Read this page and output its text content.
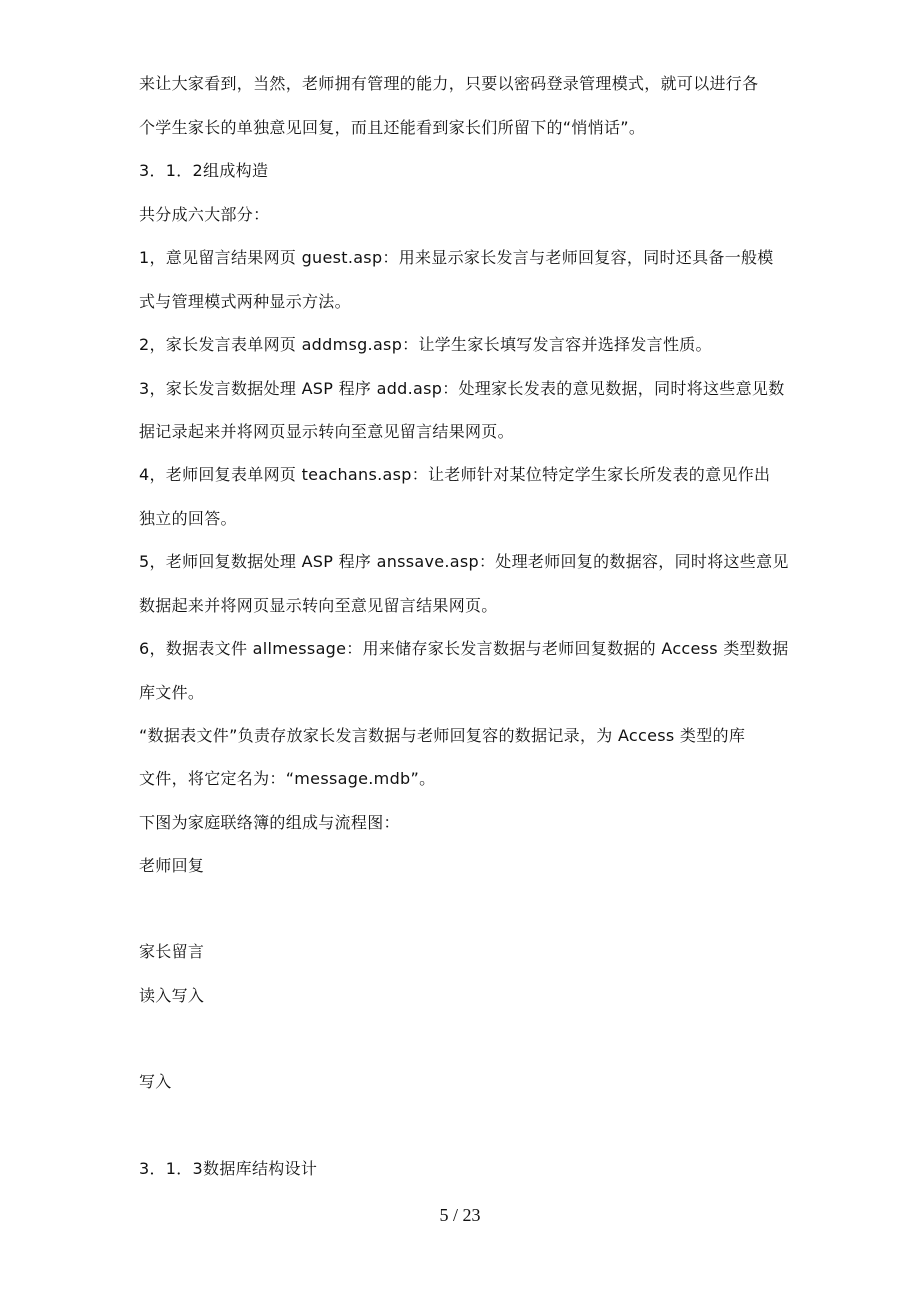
来让大家看到，当然，老师拥有管理的能力，只要以密码登录管理模式，就可以进行各
个学生家长的单独意见回复，而且还能看到家长们所留下的“悄悄话”。
3．1．2组成构造
共分成六大部分：
1，意见留言结果网页 guest.asp：用来显示家长发言与老师回复容，同时还具备一般模
式与管理模式两种显示方法。
2，家长发言表单网页 addmsg.asp：让学生家长填写发言容并选择发言性质。
3，家长发言数据处理 ASP 程序 add.asp：处理家长发表的意见数据，同时将这些意见数
据记录起来并将网页显示转向至意见留言结果网页。
4，老师回复表单网页 teachans.asp：让老师针对某位特定学生家长所发表的意见作出
独立的回答。
5，老师回复数据处理 ASP 程序 anssave.asp：处理老师回复的数据容，同时将这些意见
数据起来并将网页显示转向至意见留言结果网页。
6，数据表文件 allmessage：用来储存家长发言数据与老师回复数据的 Access 类型数据
库文件。
“数据表文件”负责存放家长发言数据与老师回复容的数据记录，为 Access 类型的库
文件，将它定名为：“message.mdb”。
下图为家庭联络簿的组成与流程图：
老师回复
家长留言
读入写入
写入
3．1．3数据库结构设计
5 / 23
